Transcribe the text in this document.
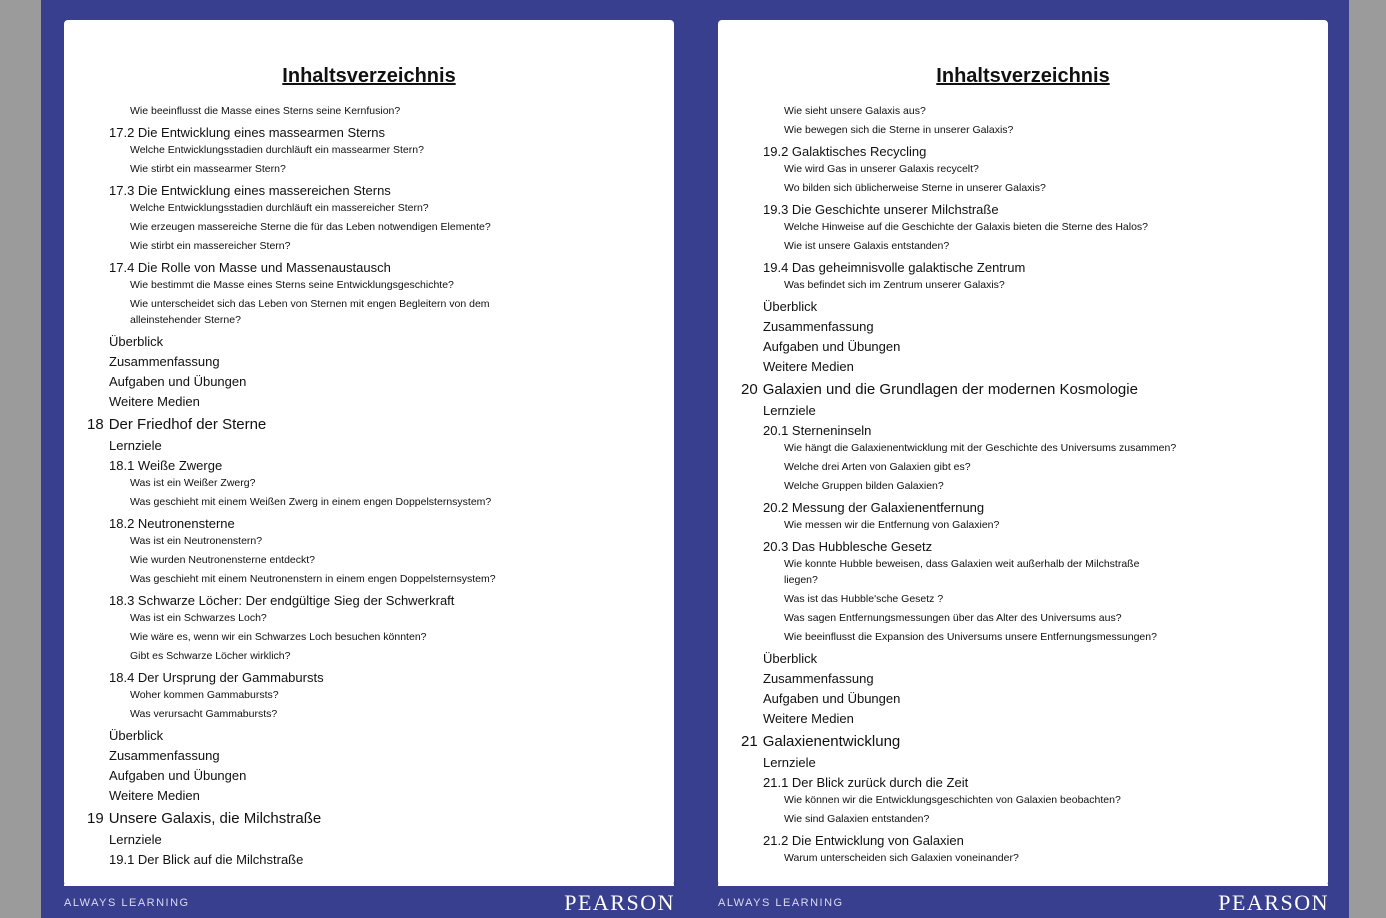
Inhaltsverzeichnis
Wie beeinflusst die Masse eines Sterns seine Kernfusion?
17.2 Die Entwicklung eines massearmen Sterns
Welche Entwicklungsstadien durchläuft ein massearmer Stern?
Wie stirbt ein massearmer Stern?
17.3 Die Entwicklung eines massereichen Sterns
Welche Entwicklungsstadien durchläuft ein massereicher Stern?
Wie erzeugen massereiche Sterne die für das Leben notwendigen Elemente?
Wie stirbt ein massereicher Stern?
17.4 Die Rolle von Masse und Massenaustausch
Wie bestimmt die Masse eines Sterns seine Entwicklungsgeschichte?
Wie unterscheidet sich das Leben von Sternen mit engen Begleitern von dem
alleinstehender Sterne?
Überblick
Zusammenfassung
Aufgaben und Übungen
Weitere Medien
18 Der Friedhof der Sterne
Lernziele
18.1 Weiße Zwerge
Was ist ein Weißer Zwerg?
Was geschieht mit einem Weißen Zwerg in einem engen Doppelsternsystem?
18.2 Neutronensterne
Was ist ein Neutronenstern?
Wie wurden Neutronensterne entdeckt?
Was geschieht mit einem Neutronenstern in einem engen Doppelsternsystem?
18.3 Schwarze Löcher: Der endgültige Sieg der Schwerkraft
Was ist ein Schwarzes Loch?
Wie wäre es, wenn wir ein Schwarzes Loch besuchen könnten?
Gibt es Schwarze Löcher wirklich?
18.4 Der Ursprung der Gammabursts
Woher kommen Gammabursts?
Was verursacht Gammabursts?
Überblick
Zusammenfassung
Aufgaben und Übungen
Weitere Medien
19 Unsere Galaxis, die Milchstraße
Lernziele
19.1 Der Blick auf die Milchstraße
ALWAYS LEARNING	PEARSON
Inhaltsverzeichnis
Wie sieht unsere Galaxis aus?
Wie bewegen sich die Sterne in unserer Galaxis?
19.2 Galaktisches Recycling
Wie wird Gas in unserer Galaxis recycelt?
Wo bilden sich üblicherweise Sterne in unserer Galaxis?
19.3 Die Geschichte unserer Milchstraße
Welche Hinweise auf die Geschichte der Galaxis bieten die Sterne des Halos?
Wie ist unsere Galaxis entstanden?
19.4 Das geheimnisvolle galaktische Zentrum
Was befindet sich im Zentrum unserer Galaxis?
Überblick
Zusammenfassung
Aufgaben und Übungen
Weitere Medien
20 Galaxien und die Grundlagen der modernen Kosmologie
Lernziele
20.1 Sterneninseln
Wie hängt die Galaxienentwicklung mit der Geschichte des Universums zusammen?
Welche drei Arten von Galaxien gibt es?
Welche Gruppen bilden Galaxien?
20.2 Messung der Galaxienentfernung
Wie messen wir die Entfernung von Galaxien?
20.3 Das Hubblesche Gesetz
Wie konnte Hubble beweisen, dass Galaxien weit außerhalb der Milchstraße
liegen?
Was ist das Hubble'sche Gesetz ?
Was sagen Entfernungsmessungen über das Alter des Universums aus?
Wie beeinflusst die Expansion des Universums unsere Entfernungsmessungen?
Überblick
Zusammenfassung
Aufgaben und Übungen
Weitere Medien
21 Galaxienentwicklung
Lernziele
21.1 Der Blick zurück durch die Zeit
Wie können wir die Entwicklungsgeschichten von Galaxien beobachten?
Wie sind Galaxien entstanden?
21.2 Die Entwicklung von Galaxien
Warum unterscheiden sich Galaxien voneinander?
ALWAYS LEARNING	PEARSON
